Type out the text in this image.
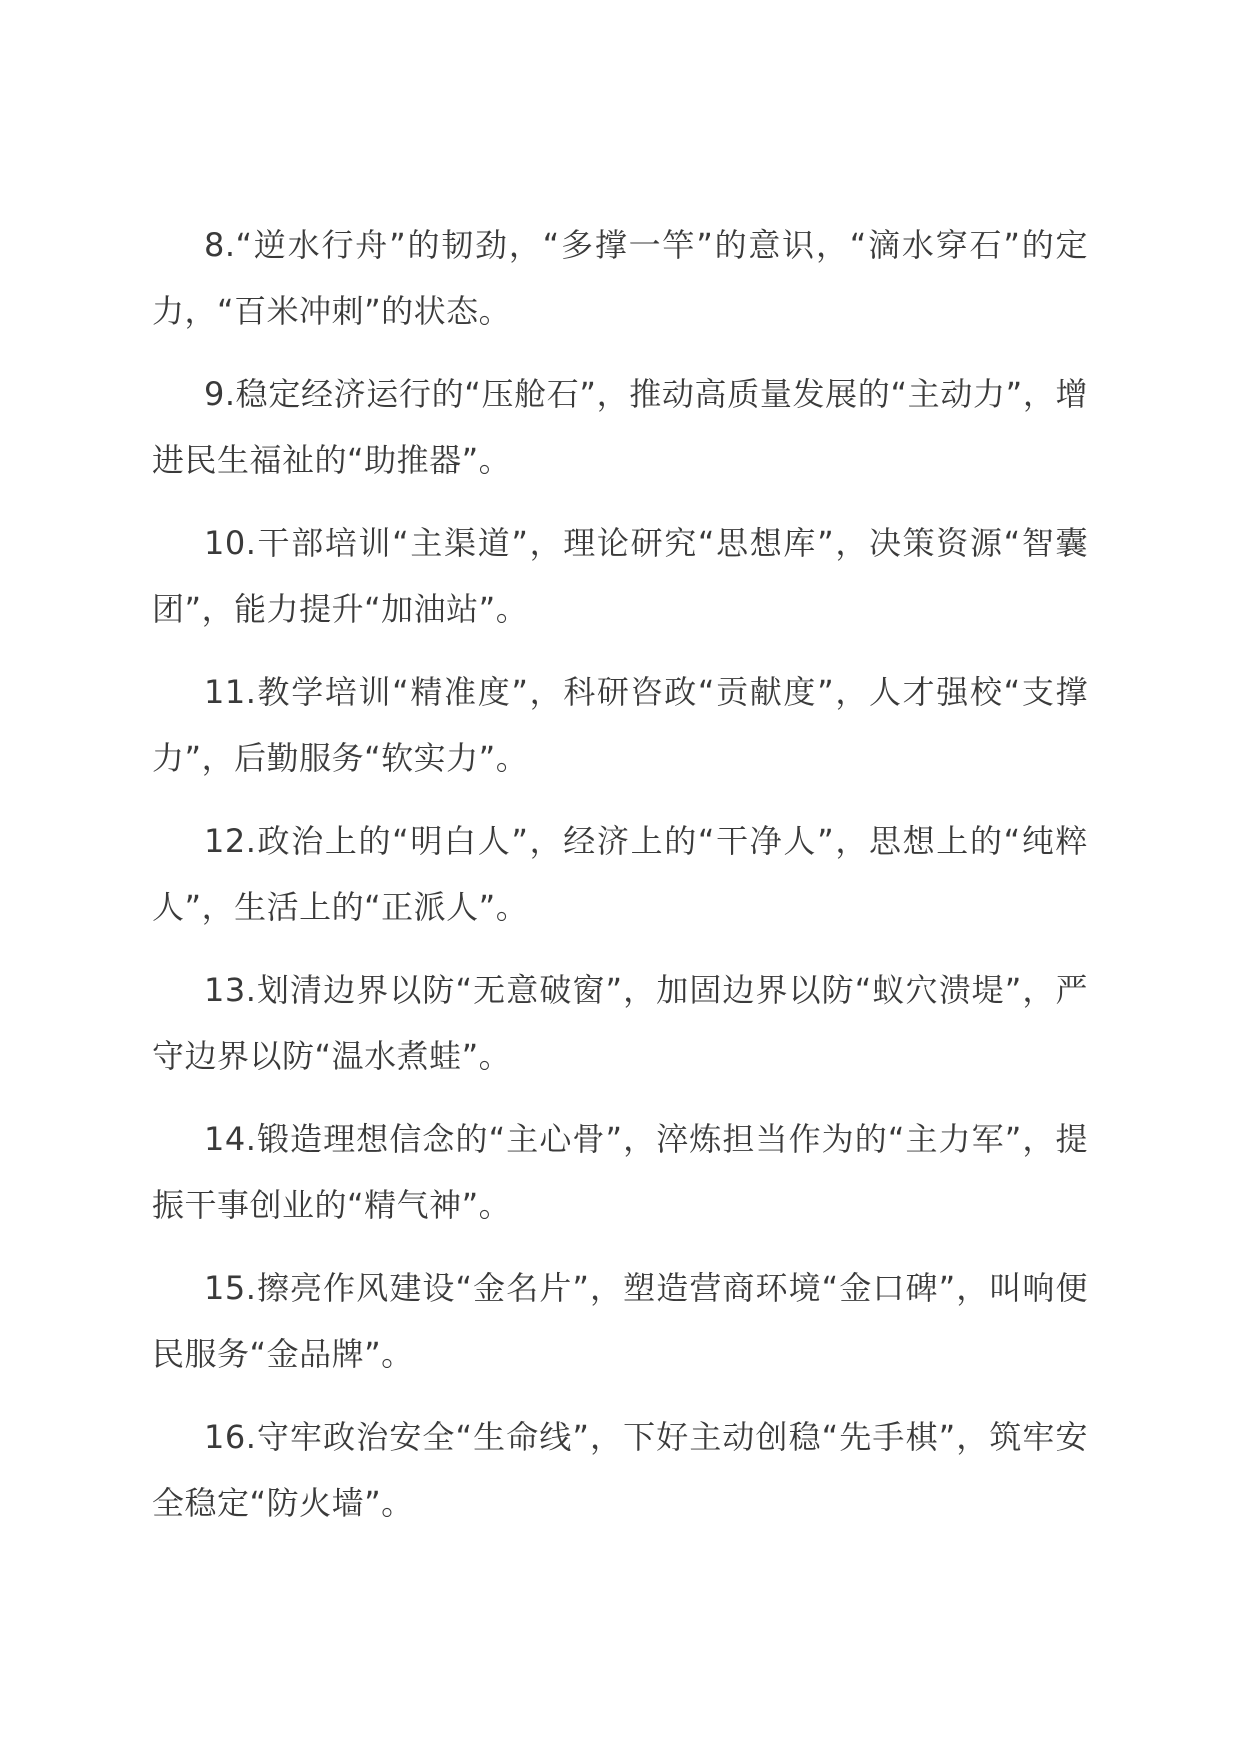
8.“逆水行舟”的韧劲，“多撑一竿”的意识，“滴水穿石”的定力，“百米冲刺”的状态。

9.稳定经济运行的“压舱石”，推动高质量发展的“主动力”，增进民生福祉的“助推器”。

10.干部培训“主渠道”，理论研究“思想库”，决策资源“智囊团”，能力提升“加油站”。

11.教学培训“精准度”，科研咨政“贡献度”，人才强校“支撑力”，后勤服务“软实力”。

12.政治上的“明白人”，经济上的“干净人”，思想上的“纯粹人”，生活上的“正派人”。

13.划清边界以防“无意破窗”，加固边界以防“蚁穴溃堤”，严守边界以防“温水煮蛙”。

14.锻造理想信念的“主心骨”，淬炼担当作为的“主力军”，提振干事创业的“精气神”。

15.擦亮作风建设“金名片”，塑造营商环境“金口碑”，叫响便民服务“金品牌”。

16.守牢政治安全“生命线”，下好主动创稳“先手棋”，筑牢安全稳定“防火墙”。
